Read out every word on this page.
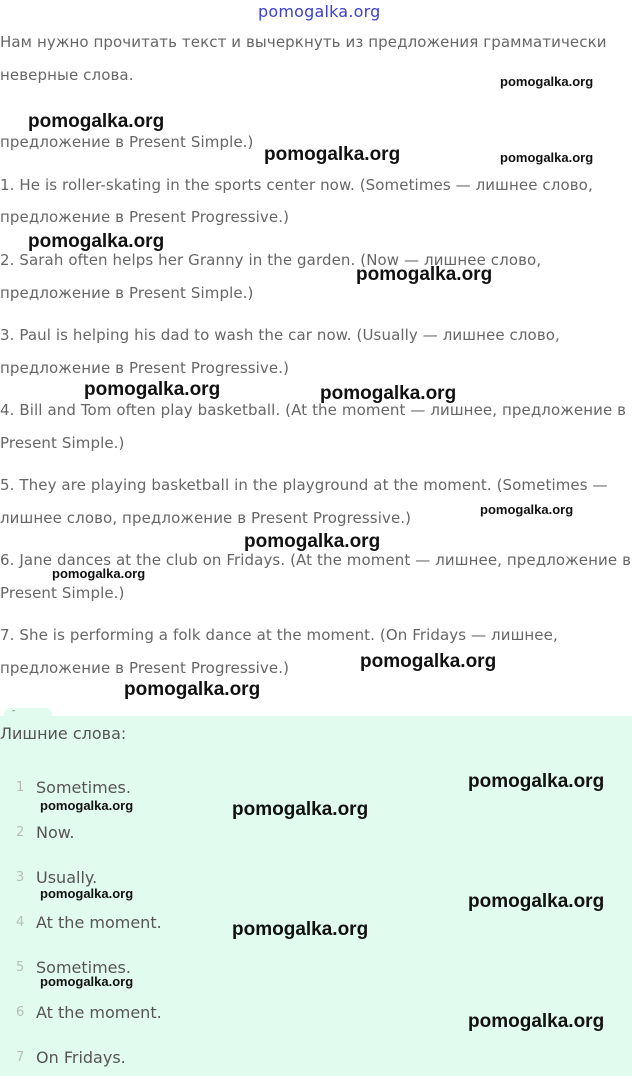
pomogalka.org
Нам нужно прочитать текст и вычеркнуть из предложения грамматически
неверные слова.
предложение в Present Simple.)
1. He is roller-skating in the sports center now. (Sometimes — лишнее слово,
предложение в Present Progressive.)
2. Sarah often helps her Granny in the garden. (Now — лишнее слово,
предложение в Present Simple.)
3. Paul is helping his dad to wash the car now. (Usually — лишнее слово,
предложение в Present Progressive.)
4. Bill and Tom often play basketball. (At the moment — лишнее, предложение в
Present Simple.)
5. They are playing basketball in the playground at the moment. (Sometimes —
лишнее слово, предложение в Present Progressive.)
6. Jane dances at the club on Fridays. (At the moment — лишнее, предложение в
Present Simple.)
7. She is performing a folk dance at the moment. (On Fridays — лишнее,
предложение в Present Progressive.)
-
Лишние слова:
1 Sometimes.
2 Now.
3 Usually.
4 At the moment.
5 Sometimes.
6 At the moment.
7 On Fridays.
pomogalka.org
pomogalka.org
pomogalka.org	pomogalka.org
pomogalka.org
pomogalka.org
pomogalka.org	pomogalka.org
pomogalka.org
pomogalka.org
pomogalka.org
pomogalka.org
pomogalka.org
pomogalka.org
pomogalka.org	pomogalka.org
pomogalka.org	pomogalka.org
pomogalka.org
pomogalka.org
pomogalka.org
